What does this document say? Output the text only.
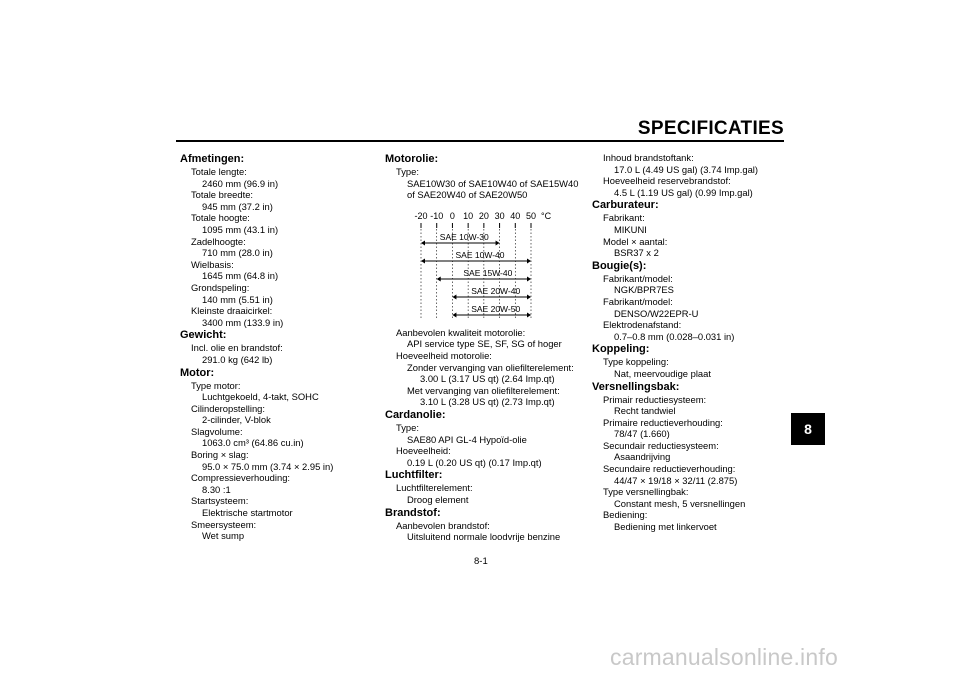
SPECIFICATIES
Afmetingen:
Totale lengte:
2460 mm (96.9 in)
Totale breedte:
945 mm (37.2 in)
Totale hoogte:
1095 mm (43.1 in)
Zadelhoogte:
710 mm (28.0 in)
Wielbasis:
1645 mm (64.8 in)
Grondspeling:
140 mm (5.51 in)
Kleinste draaicirkel:
3400 mm (133.9 in)
Gewicht:
Incl. olie en brandstof:
291.0 kg (642 lb)
Motor:
Type motor:
Luchtgekoeld, 4-takt, SOHC
Cilinderopstelling:
2-cilinder, V-blok
Slagvolume:
1063.0 cm³ (64.86 cu.in)
Boring × slag:
95.0 × 75.0 mm (3.74 × 2.95 in)
Compressieverhouding:
8.30 :1
Startsysteem:
Elektrische startmotor
Smeersysteem:
Wet sump
Motorolie:
Type:
SAE10W30 of SAE10W40 of SAE15W40
of SAE20W40 of SAE20W50
-20 -10 0 10 20 30 40 50 °C
SAE 10W-30
SAE 10W-40
SAE 15W-40
SAE 20W-40
SAE 20W-50
Aanbevolen kwaliteit motorolie:
API service type SE, SF, SG of hoger
Hoeveelheid motorolie:
Zonder vervanging van oliefilterelement:
3.00 L (3.17 US qt) (2.64 Imp.qt)
Met vervanging van oliefilterelement:
3.10 L (3.28 US qt) (2.73 Imp.qt)
Cardanolie:
Type:
SAE80 API GL-4 Hypoïd-olie
Hoeveelheid:
0.19 L (0.20 US qt) (0.17 Imp.qt)
Luchtfilter:
Luchtfilterelement:
Droog element
Brandstof:
Aanbevolen brandstof:
Uitsluitend normale loodvrije benzine
Inhoud brandstoftank:
17.0 L (4.49 US gal) (3.74 Imp.gal)
Hoeveelheid reservebrandstof:
4.5 L (1.19 US gal) (0.99 Imp.gal)
Carburateur:
Fabrikant:
MIKUNI
Model × aantal:
BSR37 x 2
Bougie(s):
Fabrikant/model:
NGK/BPR7ES
Fabrikant/model:
DENSO/W22EPR-U
Elektrodenafstand:
0.7–0.8 mm (0.028–0.031 in)
Koppeling:
Type koppeling:
Nat, meervoudige plaat
Versnellingsbak:
Primair reductiesysteem:
Recht tandwiel
Primaire reductieverhouding:
78/47 (1.660)
Secundair reductiesysteem:
Asaandrijving
Secundaire reductieverhouding:
44/47 × 19/18 × 32/11 (2.875)
Type versnellingbak:
Constant mesh, 5 versnellingen
Bediening:
Bediening met linkervoet
8-1
8
carmanualsonline.info
